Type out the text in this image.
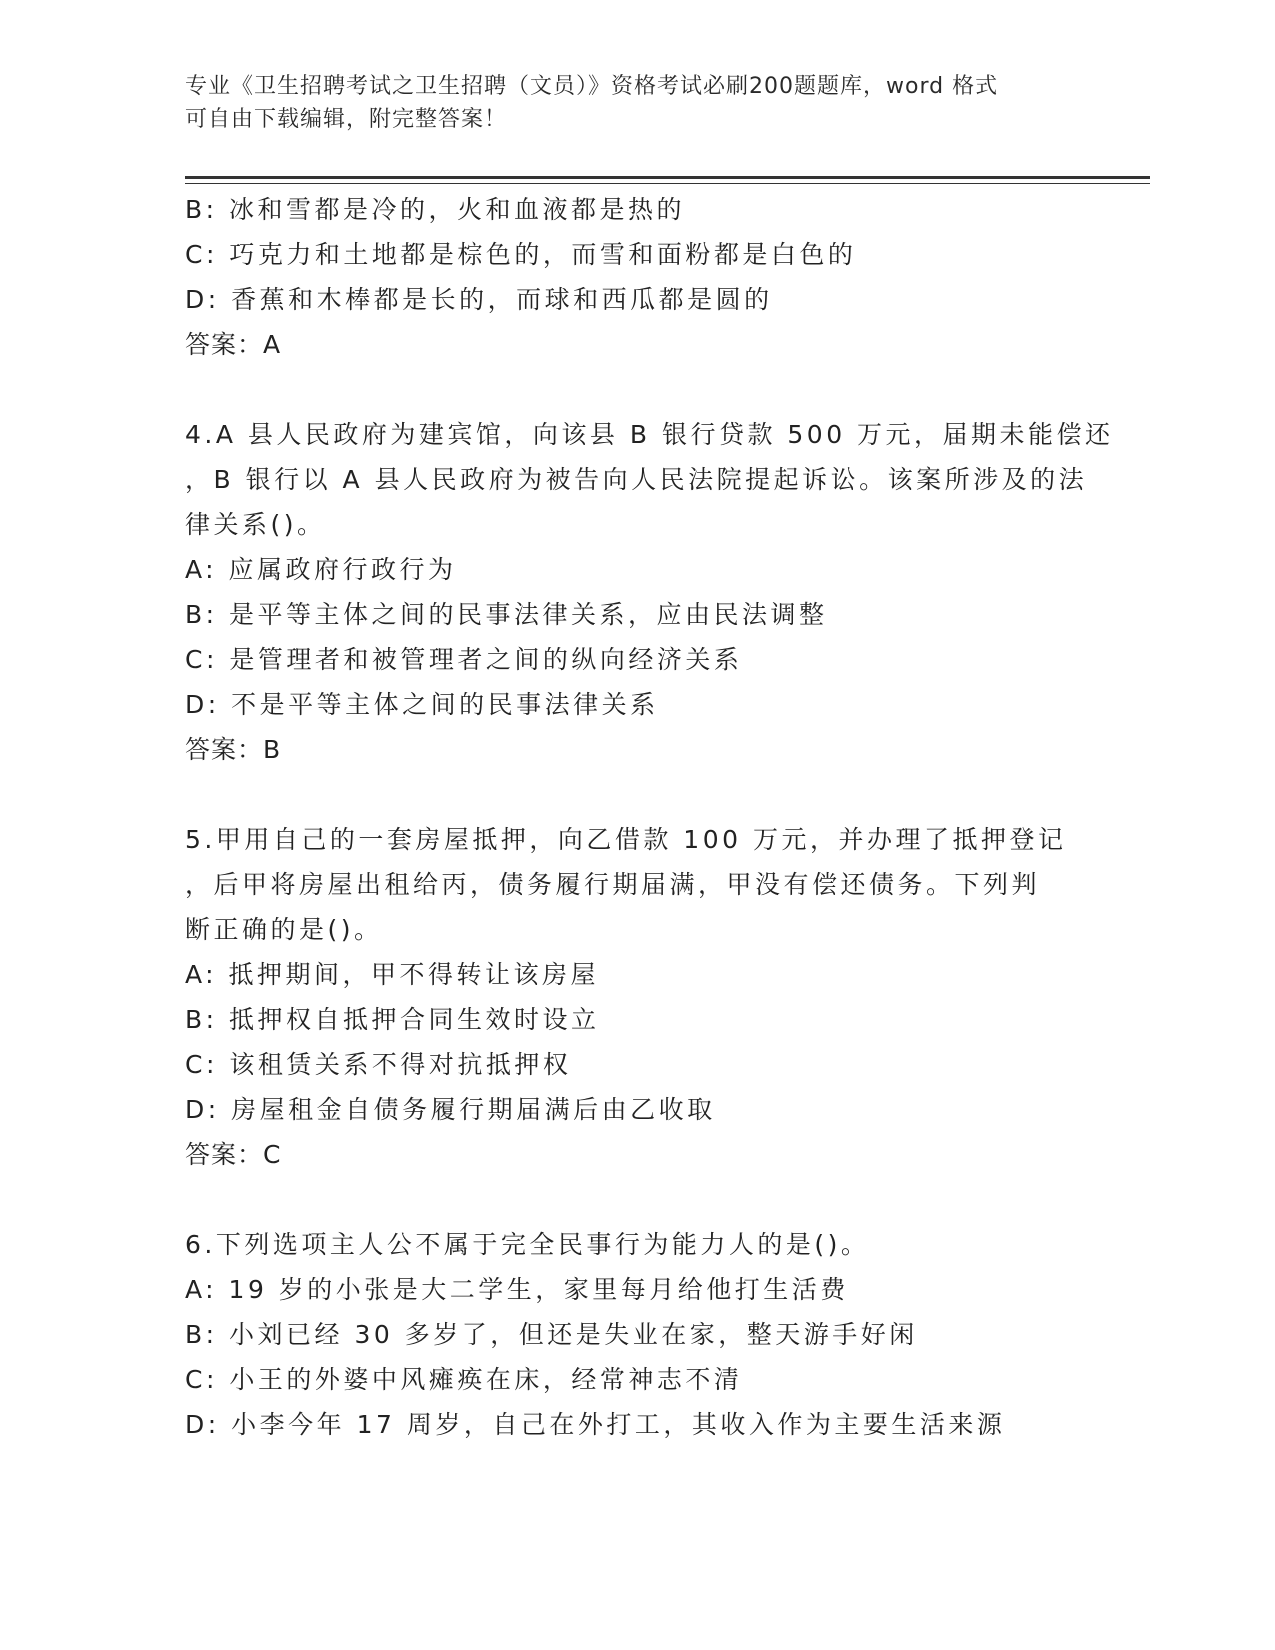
专业《卫生招聘考试之卫生招聘（文员）》资格考试必刷200题题库，word 格式
可自由下载编辑，附完整答案！
B: 冰和雪都是冷的，火和血液都是热的
C: 巧克力和土地都是棕色的，而雪和面粉都是白色的
D: 香蕉和木棒都是长的，而球和西瓜都是圆的
答案：A
4.A 县人民政府为建宾馆，向该县 B 银行贷款 500 万元，届期未能偿还
，B 银行以 A 县人民政府为被告向人民法院提起诉讼。该案所涉及的法
律关系()。
A: 应属政府行政行为
B: 是平等主体之间的民事法律关系，应由民法调整
C: 是管理者和被管理者之间的纵向经济关系
D: 不是平等主体之间的民事法律关系
答案：B
5.甲用自己的一套房屋抵押，向乙借款 100 万元，并办理了抵押登记
，后甲将房屋出租给丙，债务履行期届满，甲没有偿还债务。下列判
断正确的是()。
A: 抵押期间，甲不得转让该房屋
B: 抵押权自抵押合同生效时设立
C: 该租赁关系不得对抗抵押权
D: 房屋租金自债务履行期届满后由乙收取
答案：C
6.下列选项主人公不属于完全民事行为能力人的是()。
A: 19 岁的小张是大二学生，家里每月给他打生活费
B: 小刘已经 30 多岁了，但还是失业在家，整天游手好闲
C: 小王的外婆中风瘫痪在床，经常神志不清
D: 小李今年 17 周岁，自己在外打工，其收入作为主要生活来源
